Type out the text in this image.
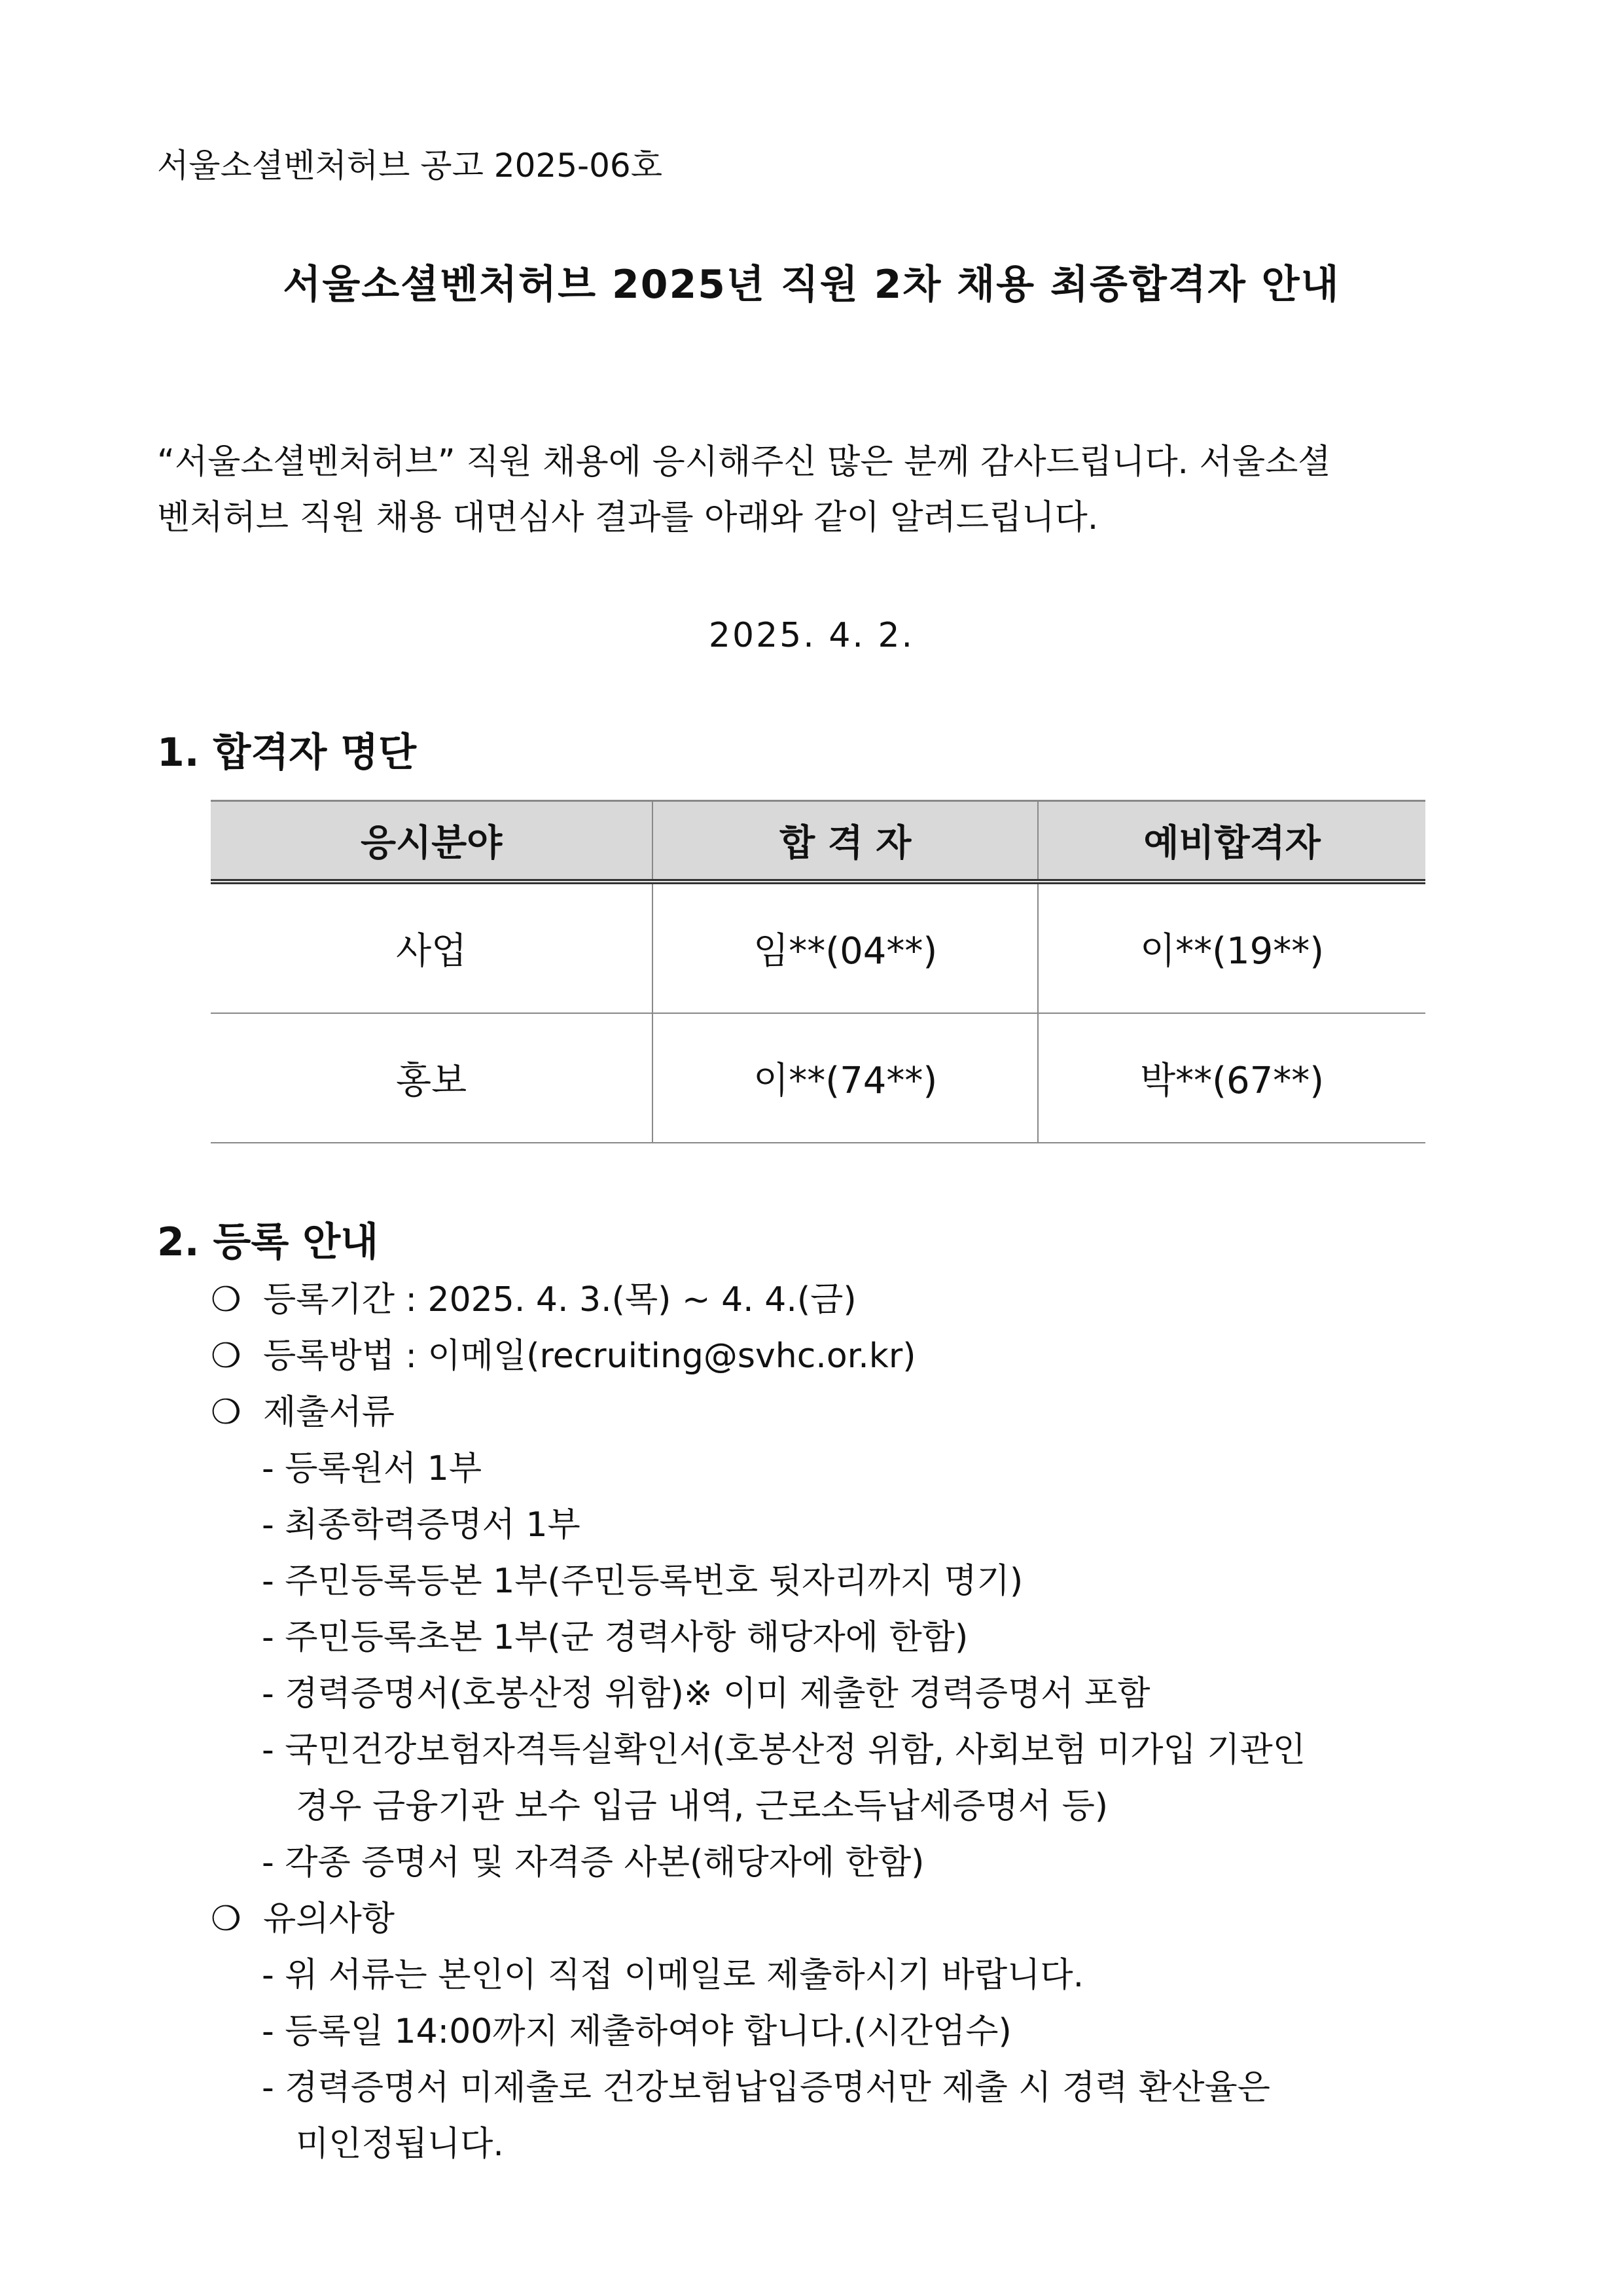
서울소셜벤처허브 공고 2025-06호
서울소셜벤처허브 2025년 직원 2차 채용 최종합격자 안내
“서울소셜벤처허브” 직원 채용에 응시해주신 많은 분께 감사드립니다. 서울소셜
벤처허브 직원 채용 대면심사 결과를 아래와 같이 알려드립니다.
2025. 4. 2.
1. 합격자 명단
응시분야	합 격 자	예비합격자
사업	임**(04**)	이**(19**)
홍보	이**(74**)	박**(67**)
2. 등록 안내
❍ 등록기간 : 2025. 4. 3.(목) ~ 4. 4.(금)
❍ 등록방법 : 이메일(recruiting@svhc.or.kr)
❍ 제출서류
- 등록원서 1부
- 최종학력증명서 1부
- 주민등록등본 1부(주민등록번호 뒷자리까지 명기)
- 주민등록초본 1부(군 경력사항 해당자에 한함)
- 경력증명서(호봉산정 위함)※ 이미 제출한 경력증명서 포함
- 국민건강보험자격득실확인서(호봉산정 위함, 사회보험 미가입 기관인
경우 금융기관 보수 입금 내역, 근로소득납세증명서 등)
- 각종 증명서 및 자격증 사본(해당자에 한함)
❍ 유의사항
- 위 서류는 본인이 직접 이메일로 제출하시기 바랍니다.
- 등록일 14:00까지 제출하여야 합니다.(시간엄수)
- 경력증명서 미제출로 건강보험납입증명서만 제출 시 경력 환산율은
미인정됩니다.
